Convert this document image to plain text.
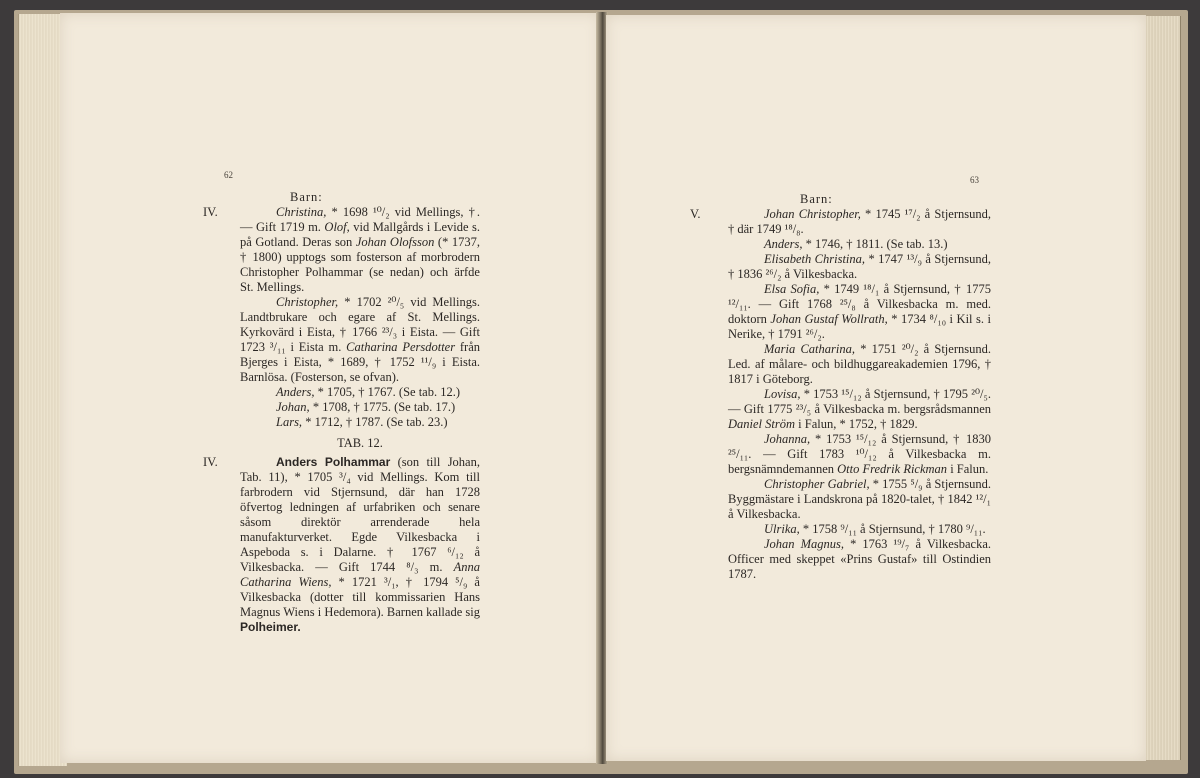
62

Barn:

IV.	Christina, * 1698 ¹⁰/₂ vid Mellings, †. — Gift 1719 m. Olof, vid Mallgårds i Levide s. på Gotland. Deras son Johan Olofsson (* 1737, † 1800) upptogs som fosterson af morbrodern Christopher Polhammar (se nedan) och ärfde St. Mellings.

Christopher, * 1702 ²⁰/₅ vid Mellings. Landtbrukare och egare af St. Mellings. Kyrkovärd i Eista, † 1766 ²³/₃ i Eista. — Gift 1723 ³/₁₁ i Eista m. Catharina Persdotter från Bjerges i Eista, * 1689, † 1752 ¹¹/₉ i Eista. Barnlösa. (Fosterson, se ofvan).

Anders, * 1705, † 1767. (Se tab. 12.)

Johan, * 1708, † 1775. (Se tab. 17.)

Lars, * 1712, † 1787. (Se tab. 23.)

TAB. 12.

IV.	Anders Polhammar (son till Johan, Tab. 11), * 1705 ³/₄ vid Mellings. Kom till farbrodern vid Stjernsund, där han 1728 öfvertog ledningen af urfabriken och senare såsom direktör arrenderade hela manufakturverket. Egde Vilkesbacka i Aspeboda s. i Dalarne. † 1767 ⁶/₁₂ å Vilkesbacka. — Gift 1744 ⁸/₃ m. Anna Catharina Wiens, * 1721 ³/₁, † 1794 ⁵/₉ å Vilkesbacka (dotter till kommissarien Hans Magnus Wiens i Hedemora). Barnen kallade sig Polheimer.

63

Barn:

V.	Johan Christopher, * 1745 ¹⁷/₂ å Stjernsund, † där 1749 ¹⁸/₈.

Anders, * 1746, † 1811. (Se tab. 13.)

Elisabeth Christina, * 1747 ¹³/₉ å Stjernsund, † 1836 ²⁶/₂ å Vilkesbacka.

Elsa Sofia, * 1749 ¹⁸/₁ å Stjernsund, † 1775 ¹²/₁₁. — Gift 1768 ²⁵/₈ å Vilkesbacka m. med. doktorn Johan Gustaf Wollrath, * 1734 ⁸/₁₀ i Kil s. i Nerike, † 1791 ²⁶/₂.

Maria Catharina, * 1751 ²⁰/₂ å Stjernsund. Led. af målare- och bildhuggareakademien 1796, † 1817 i Göteborg.

Lovisa, * 1753 ¹⁵/₁₂ å Stjernsund, † 1795 ²⁰/₅. — Gift 1775 ²³/₅ å Vilkesbacka m. bergsrådsmannen Daniel Ström i Falun, * 1752, † 1829.

Johanna, * 1753 ¹⁵/₁₂ å Stjernsund, † 1830 ²⁵/₁₁. — Gift 1783 ¹⁰/₁₂ å Vilkesbacka m. bergsnämndemannen Otto Fredrik Rickman i Falun.

Christopher Gabriel, * 1755 ⁵/₉ å Stjernsund. Byggmästare i Landskrona på 1820-talet, † 1842 ¹²/₁ å Vilkesbacka.

Ulrika, * 1758 ⁹/₁₁ å Stjernsund, † 1780 ⁹/₁₁.

Johan Magnus, * 1763 ¹⁹/₇ å Vilkesbacka. Officer med skeppet «Prins Gustaf» till Ostindien 1787.
